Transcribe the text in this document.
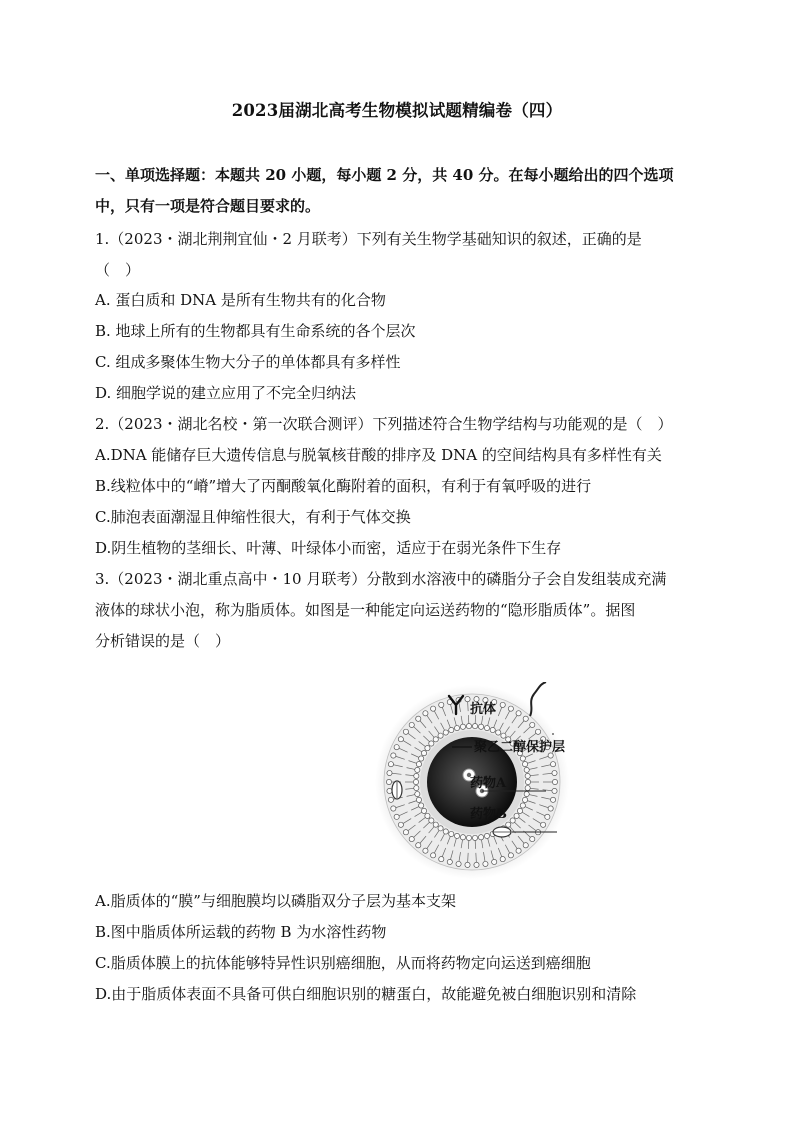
2023届湖北高考生物模拟试题精编卷（四）
一、单项选择题：本题共 20 小题，每小题 2 分，共 40 分。在每小题给出的四个选项
中，只有一项是符合题目要求的。
1.（2023・湖北荆荆宜仙・2 月联考）下列有关生物学基础知识的叙述，正确的是
（　）
A. 蛋白质和 DNA 是所有生物共有的化合物
B. 地球上所有的生物都具有生命系统的各个层次
C. 组成多聚体生物大分子的单体都具有多样性
D. 细胞学说的建立应用了不完全归纳法
2.（2023・湖北名校・第一次联合测评）下列描述符合生物学结构与功能观的是（　）
A.DNA 能储存巨大遗传信息与脱氧核苷酸的排序及 DNA 的空间结构具有多样性有关
B.线粒体中的“嵴”增大了丙酮酸氧化酶附着的面积，有利于有氧呼吸的进行
C.肺泡表面潮湿且伸缩性很大，有利于气体交换
D.阴生植物的茎细长、叶薄、叶绿体小而密，适应于在弱光条件下生存
3.（2023・湖北重点高中・10 月联考）分散到水溶液中的磷脂分子会自发组装成充满
液体的球状小泡，称为脂质体。如图是一种能定向运送药物的“隐形脂质体”。据图
分析错误的是（　）
抗体
聚乙二醇保护层
药物A
药物B
A.脂质体的“膜”与细胞膜均以磷脂双分子层为基本支架
B.图中脂质体所运载的药物 B 为水溶性药物
C.脂质体膜上的抗体能够特异性识别癌细胞，从而将药物定向运送到癌细胞
D.由于脂质体表面不具备可供白细胞识别的糖蛋白，故能避免被白细胞识别和清除
